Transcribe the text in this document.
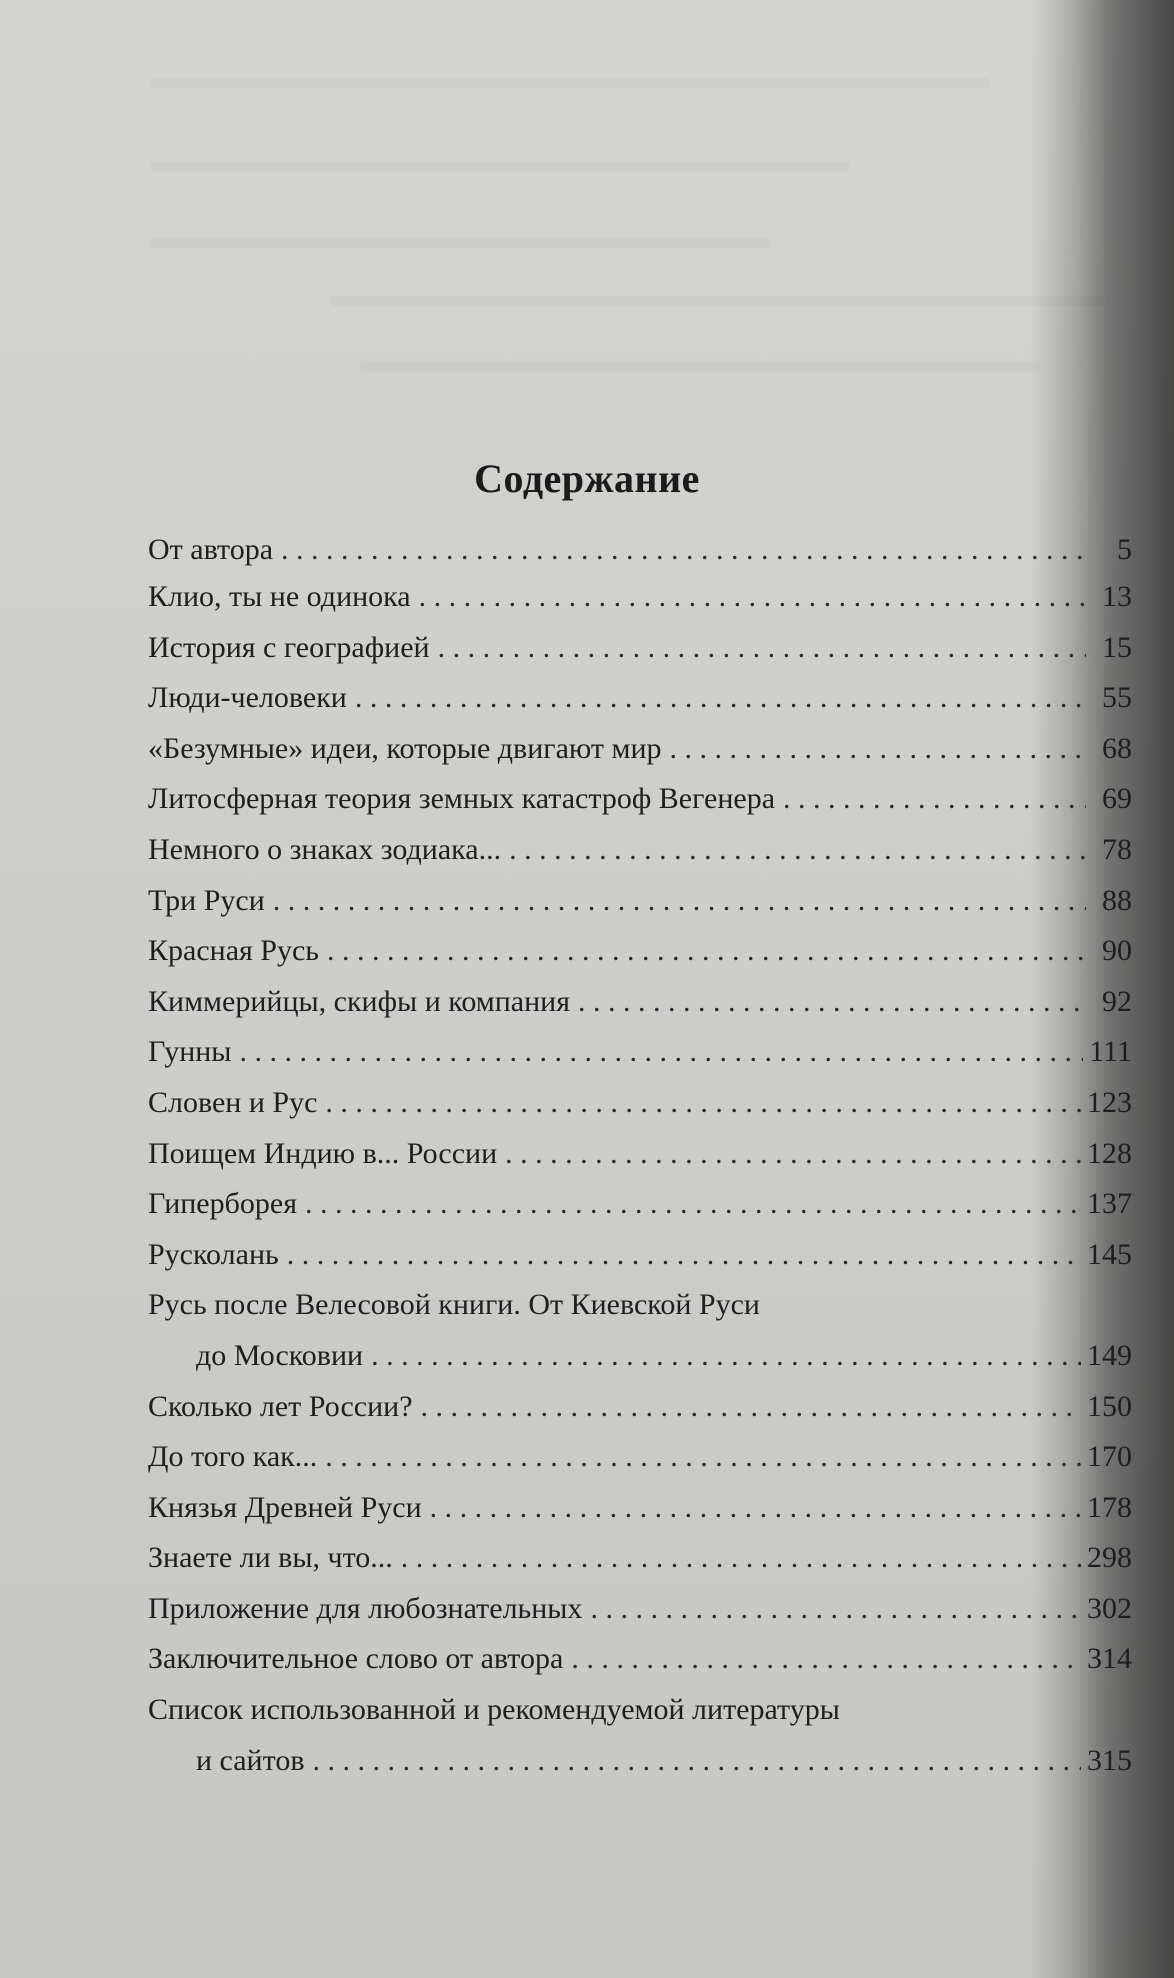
Содержание
От автора . . .	5
Клио, ты не одинока . . .	13
История с географией . . .	15
Люди-человеки . . .	55
«Безумные» идеи, которые двигают мир . . .	68
Литосферная теория земных катастроф Вегенера . . .	69
Немного о знаках зодиака... . . .	78
Три Руси . . .	88
Красная Русь . . .	90
Киммерийцы, скифы и компания . . .	92
Гунны . . .	111
Словен и Рус . . .	123
Поищем Индию в... России . . .	128
Гиперборея . . .	137
Русколань . . .	145
Русь после Велесовой книги. От Киевской Руси
до Московии . . .	149
Сколько лет России? . . .	150
До того как... . . .	170
Князья Древней Руси . . .	178
Знаете ли вы, что... . . .	298
Приложение для любознательных . . .	302
Заключительное слово от автора . . .	314
Список использованной и рекомендуемой литературы
и сайтов . . .	315
